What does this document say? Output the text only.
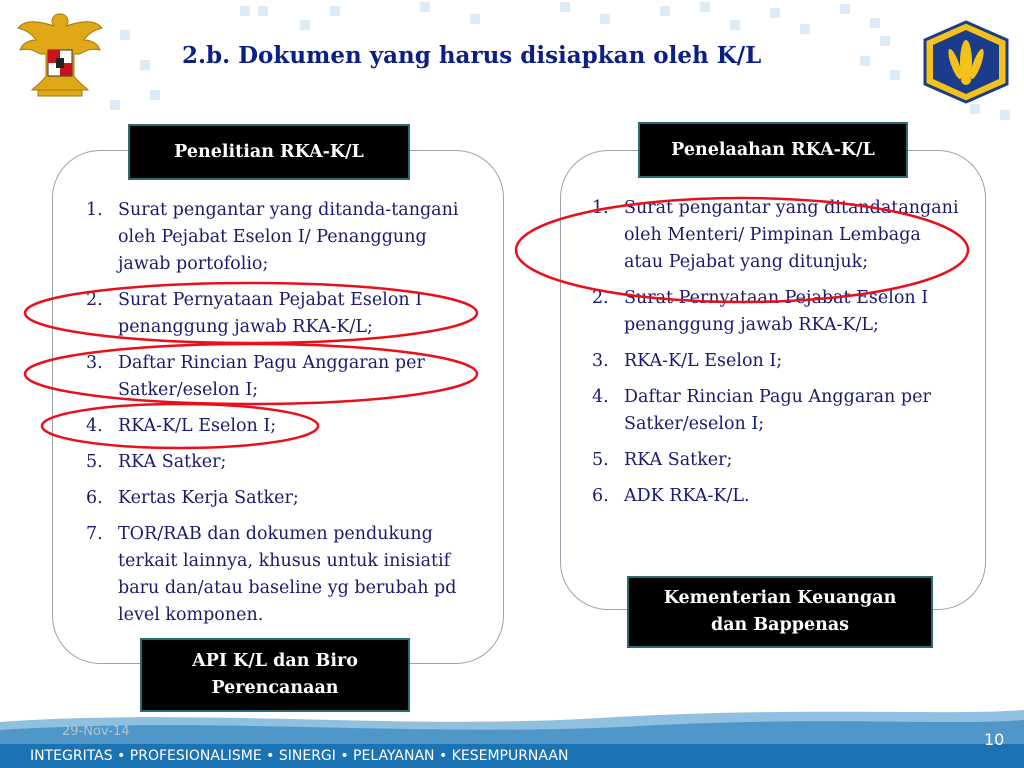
2.b. Dokumen yang harus disiapkan oleh K/L
Penelitian RKA-K/L	Penelaahan RKA-K/L
1. Surat pengantar yang ditanda-tangani oleh Pejabat Eselon I/ Penanggung jawab portofolio;
2. Surat Pernyataan Pejabat Eselon I penanggung jawab RKA-K/L;
3. Daftar Rincian Pagu Anggaran per Satker/eselon I;
4. RKA-K/L Eselon I;
5. RKA Satker;
6. Kertas Kerja Satker;
7. TOR/RAB dan dokumen pendukung terkait lainnya, khusus untuk inisiatif baru dan/atau baseline yg berubah pd level komponen.
1. Surat pengantar yang ditandatangani oleh Menteri/ Pimpinan Lembaga atau Pejabat yang ditunjuk;
2. Surat Pernyataan Pejabat Eselon I penanggung jawab RKA-K/L;
3. RKA-K/L Eselon I;
4. Daftar Rincian Pagu Anggaran per Satker/eselon I;
5. RKA Satker;
6. ADK RKA-K/L.
Kementerian Keuangan
dan Bappenas
API K/L dan Biro
Perencanaan
29-Nov-14
INTEGRITAS • PROFESIONALISME • SINERGI • PELAYANAN • KESEMPURNAAN
10
